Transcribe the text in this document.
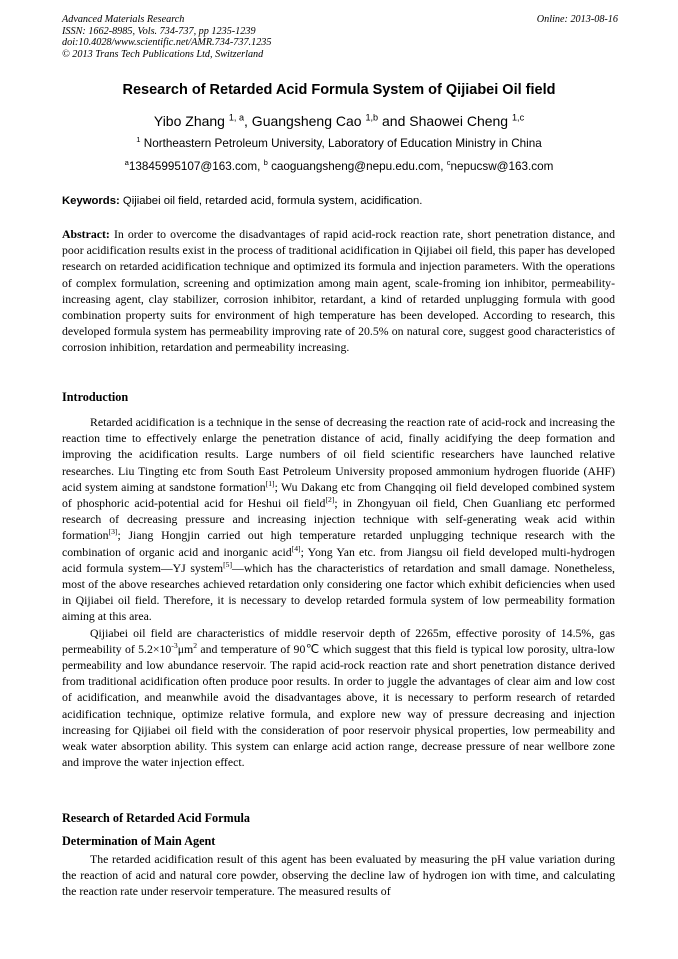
Advanced Materials Research
ISSN: 1662-8985, Vols. 734-737, pp 1235-1239
doi:10.4028/www.scientific.net/AMR.734-737.1235
© 2013 Trans Tech Publications Ltd, Switzerland
Online: 2013-08-16
Research of Retarded Acid Formula System of Qijiabei Oil field
Yibo Zhang $^{1, a}$, Guangsheng Cao $^{1,b}$ and Shaowei Cheng $^{1,c}$
$^1$ Northeastern Petroleum University, Laboratory of Education Ministry in China
$^a$13845995107@163.com, $^b$ caoguangsheng@nepu.edu.com, $^c$nepucsw@163.com
Keywords: Qijiabei oil field, retarded acid, formula system, acidification.

Abstract: In order to overcome the disadvantages of rapid acid-rock reaction rate, short penetration distance, and poor acidification results exist in the process of traditional acidification in Qijiabei oil field, this paper has developed research on retarded acidification technique and optimized its formula and injection parameters. With the operations of complex formulation, screening and optimization among main agent, scale-froming ion inhibitor, permeability-increasing agent, clay stabilizer, corrosion inhibitor, retardant, a kind of retarded unplugging formula with good combination property suits for environment of high temperature has been developed. According to research, this developed formula system has permeability improving rate of 20.5% on natural core, suggest good characteristics of corrosion inhibition, retardation and permeability increasing.

Introduction

Retarded acidification is a technique in the sense of decreasing the reaction rate of acid-rock and increasing the reaction time to effectively enlarge the penetration distance of acid, finally acidifying the deep formation and improving the acidification results. Large numbers of oil field scientific researchers have launched relative researches. Liu Tingting etc from South East Petroleum University proposed ammonium hydrogen fluoride (AHF) acid system aiming at sandstone formation[1]; Wu Dakang etc from Changqing oil field developed combined system of phosphoric acid-potential acid for Heshui oil field[2]; in Zhongyuan oil field, Chen Guanliang etc performed research of decreasing pressure and increasing injection technique with self-generating weak acid within formation[3]; Jiang Hongjin carried out high temperature retarded unplugging technique research with the combination of organic acid and inorganic acid[4]; Yong Yan etc. from Jiangsu oil field developed multi-hydrogen acid formula system—YJ system[5]—which has the characteristics of retardation and small damage. Nonetheless, most of the above researches achieved retardation only considering one factor which exhibit deficiencies when used in Qijiabei oil field. Therefore, it is necessary to develop retarded formula system of low permeability formation aiming at this area.

Qijiabei oil field are characteristics of middle reservoir depth of 2265m, effective porosity of 14.5%, gas permeability of $5.2\times 10^{-3}\mu m^2$ and temperature of 90℃ which suggest that this field is typical low porosity, ultra-low permeability and low abundance reservoir. The rapid acid-rock reaction rate and short penetration distance derived from traditional acidification often produce poor results. In order to juggle the advantages of clear aim and low cost of acidification, and meanwhile avoid the disadvantages above, it is necessary to perform research of retarded acidification technique, optimize relative formula, and explore new way of pressure decreasing and injection increasing for Qijiabei oil field with the consideration of poor reservoir physical properties, low permeability and weak water absorption ability. This system can enlarge acid action range, decrease pressure of near wellbore zone and improve the water injection effect.

Research of Retarded Acid Formula
Determination of Main Agent

The retarded acidification result of this agent has been evaluated by measuring the pH value variation during the reaction of acid and natural core powder, observing the decline law of hydrogen ion with time, and calculating the reaction rate under reservoir temperature. The measured results of
